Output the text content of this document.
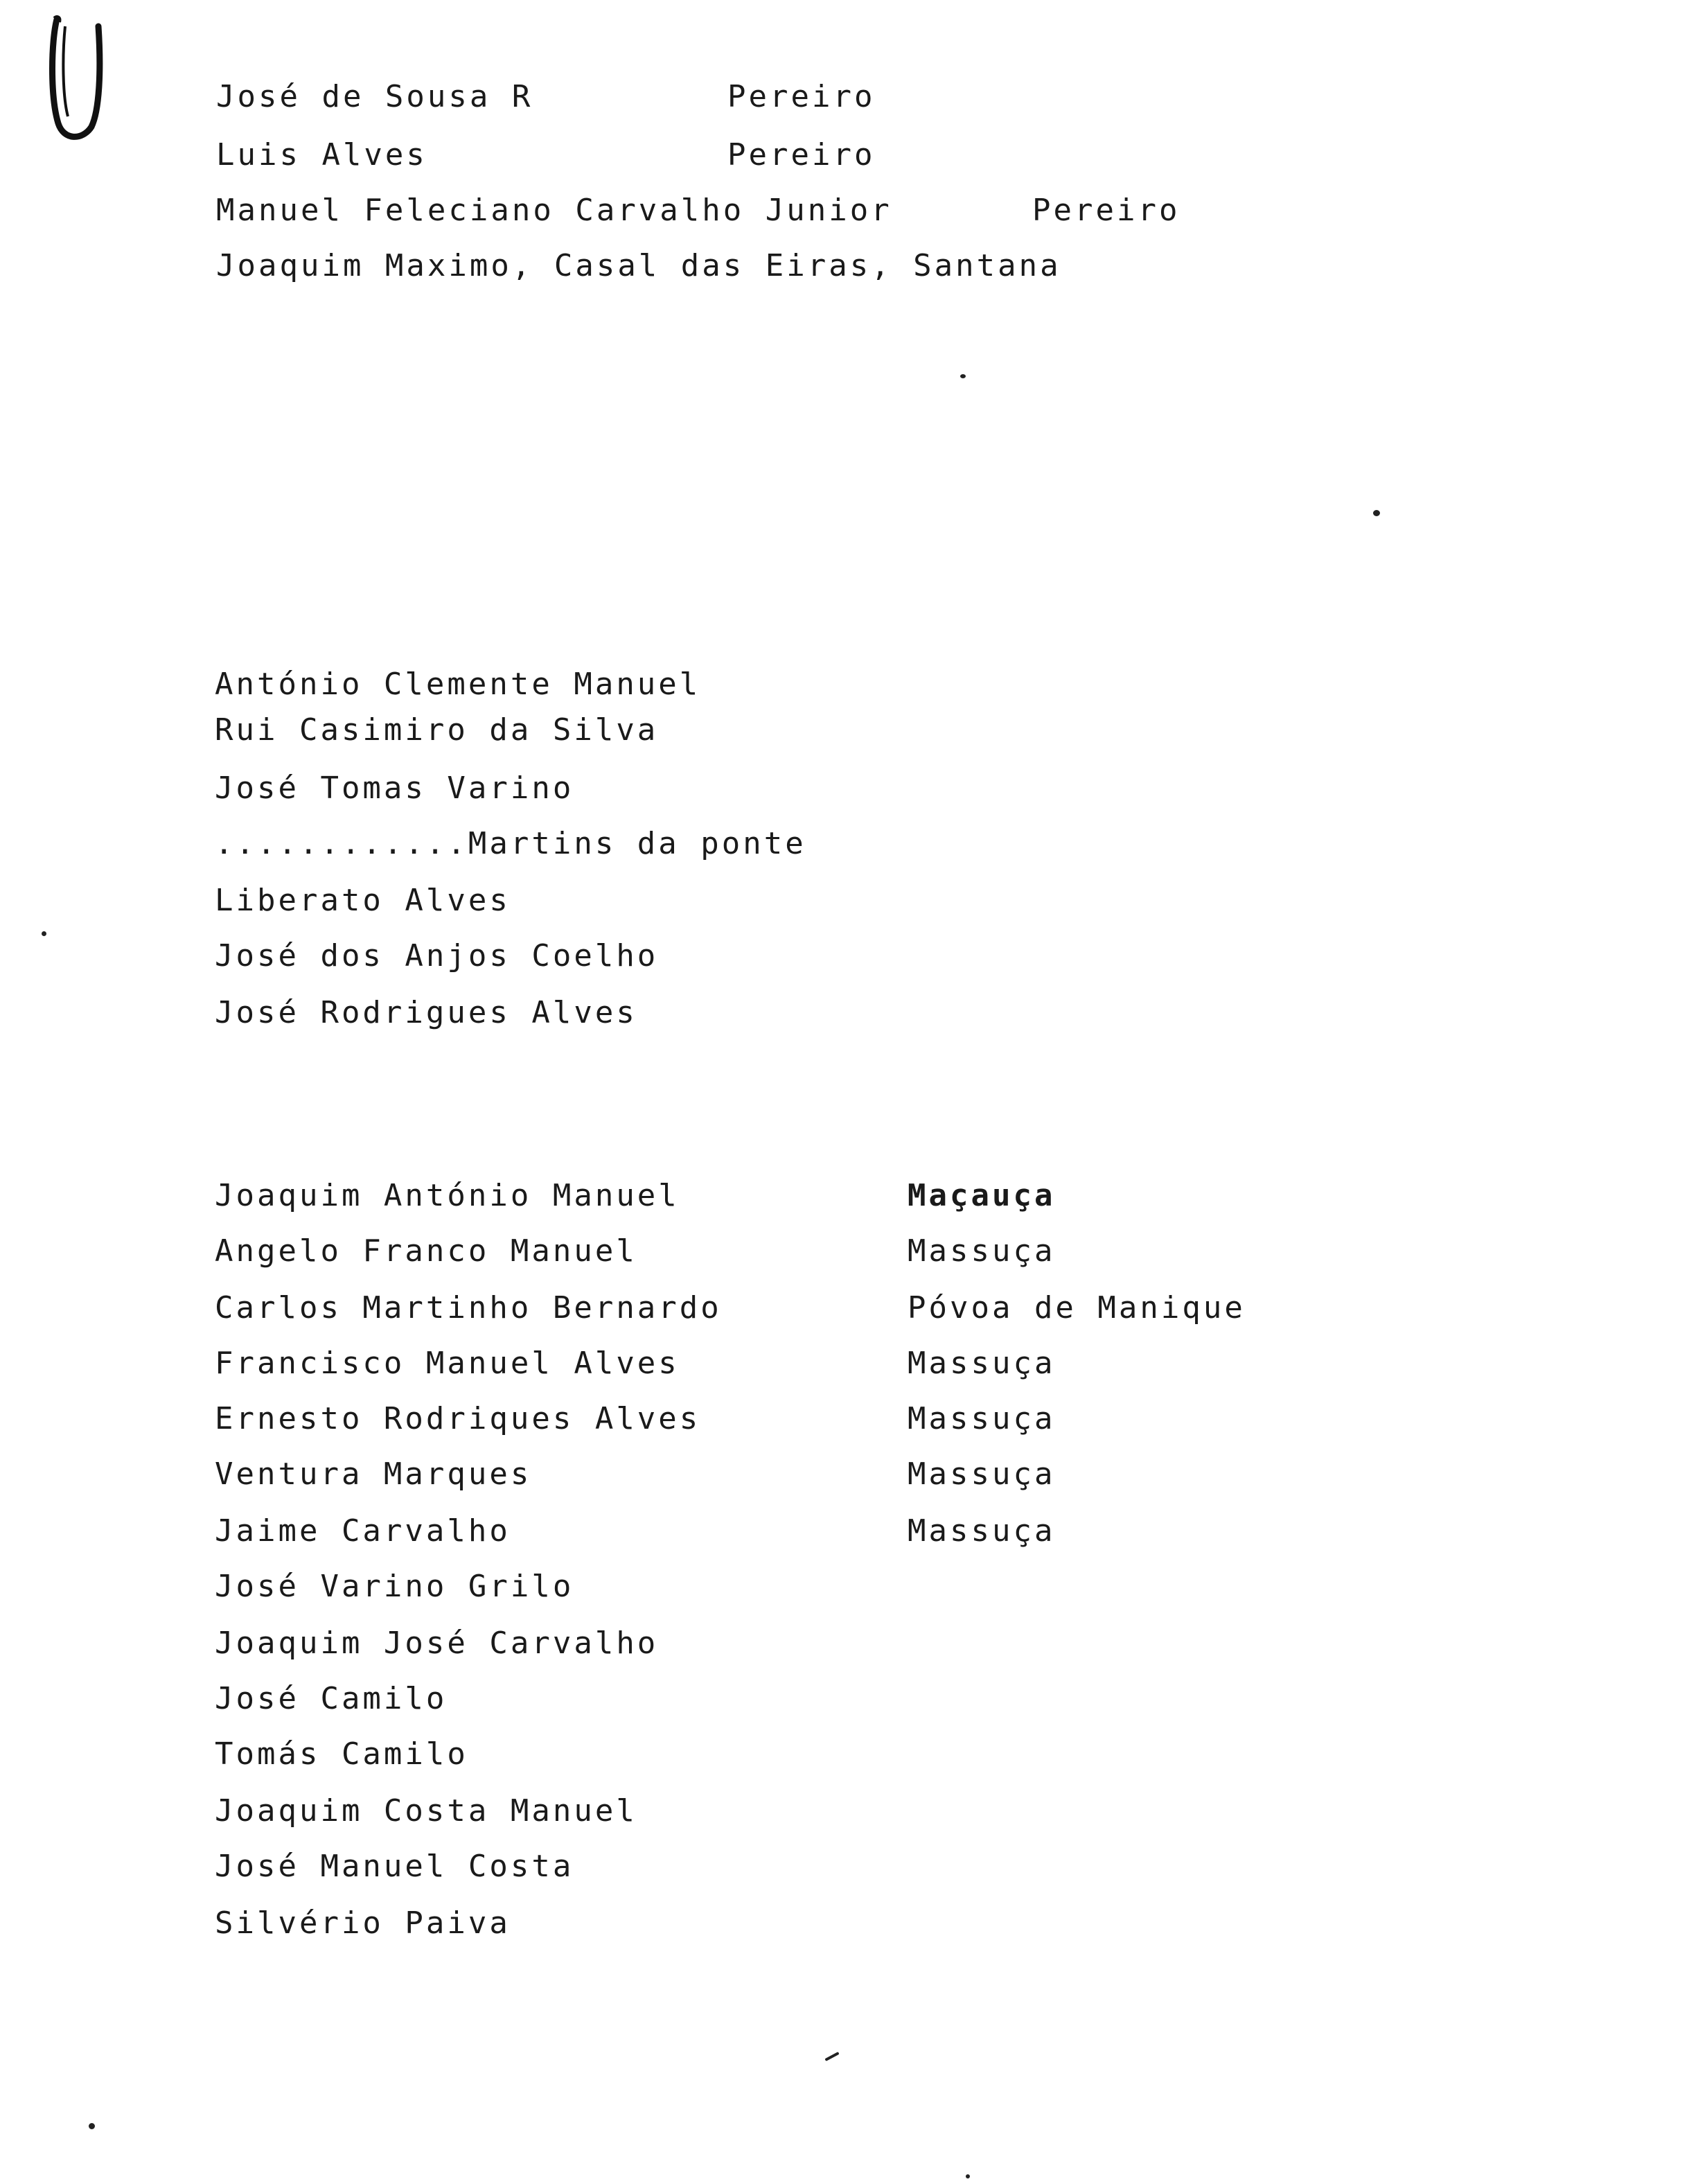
José de Sousa R	Pereiro
Luis Alves	Pereiro
Manuel Feleciano Carvalho Junior	Pereiro
Joaquim Maximo, Casal das Eiras, Santana
António Clemente Manuel
Rui Casimiro da Silva
José Tomas Varino
............Martins da ponte
Liberato Alves
José dos Anjos Coelho
José Rodrigues Alves
Joaquim António Manuel	Maçauça
Angelo Franco Manuel	Massuça
Carlos Martinho Bernardo	Póvoa de Manique
Francisco Manuel Alves	Massuça
Ernesto Rodriques Alves	Massuça
Ventura Marques	Massuça
Jaime Carvalho	Massuça
José Varino Grilo
Joaquim José Carvalho
José Camilo
Tomás Camilo
Joaquim Costa Manuel
José Manuel Costa
Silvério Paiva
